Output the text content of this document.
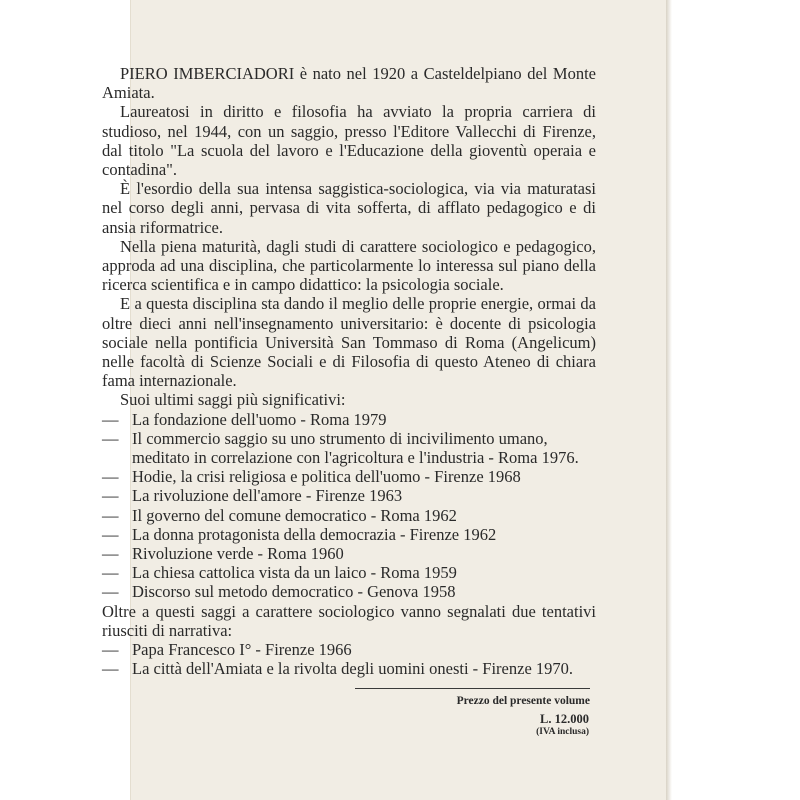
PIERO IMBERCIADORI è nato nel 1920 a Casteldelpiano del Monte Amiata.

Laureatosi in diritto e filosofia ha avviato la propria carriera di studioso, nel 1944, con un saggio, presso l'Editore Vallecchi di Firenze, dal titolo "La scuola del lavoro e l'Educazione della gioventù operaia e contadina".

È l'esordio della sua intensa saggistica-sociologica, via via maturatasi nel corso degli anni, pervasa di vita sofferta, di afflato pedagogico e di ansia riformatrice.

Nella piena maturità, dagli studi di carattere sociologico e pedagogico, approda ad una disciplina, che particolarmente lo interessa sul piano della ricerca scientifica e in campo didattico: la psicologia sociale.

E a questa disciplina sta dando il meglio delle proprie energie, ormai da oltre dieci anni nell'insegnamento universitario: è docente di psicologia sociale nella pontificia Università San Tommaso di Roma (Angelicum) nelle facoltà di Scienze Sociali e di Filosofia di questo Ateneo di chiara fama internazionale.

Suoi ultimi saggi più significativi:

— La fondazione dell'uomo - Roma 1979
— Il commercio saggio su uno strumento di incivilimento umano, meditato in correlazione con l'agricoltura e l'industria - Roma 1976.
— Hodie, la crisi religiosa e politica dell'uomo - Firenze 1968
— La rivoluzione dell'amore - Firenze 1963
— Il governo del comune democratico - Roma 1962
— La donna protagonista della democrazia - Firenze 1962
— Rivoluzione verde - Roma 1960
— La chiesa cattolica vista da un laico - Roma 1959
— Discorso sul metodo democratico - Genova 1958

Oltre a questi saggi a carattere sociologico vanno segnalati due tentativi riusciti di narrativa:

— Papa Francesco I° - Firenze 1966
— La città dell'Amiata e la rivolta degli uomini onesti - Firenze 1970.
Prezzo del presente volume
L. 12.000
(IVA inclusa)
